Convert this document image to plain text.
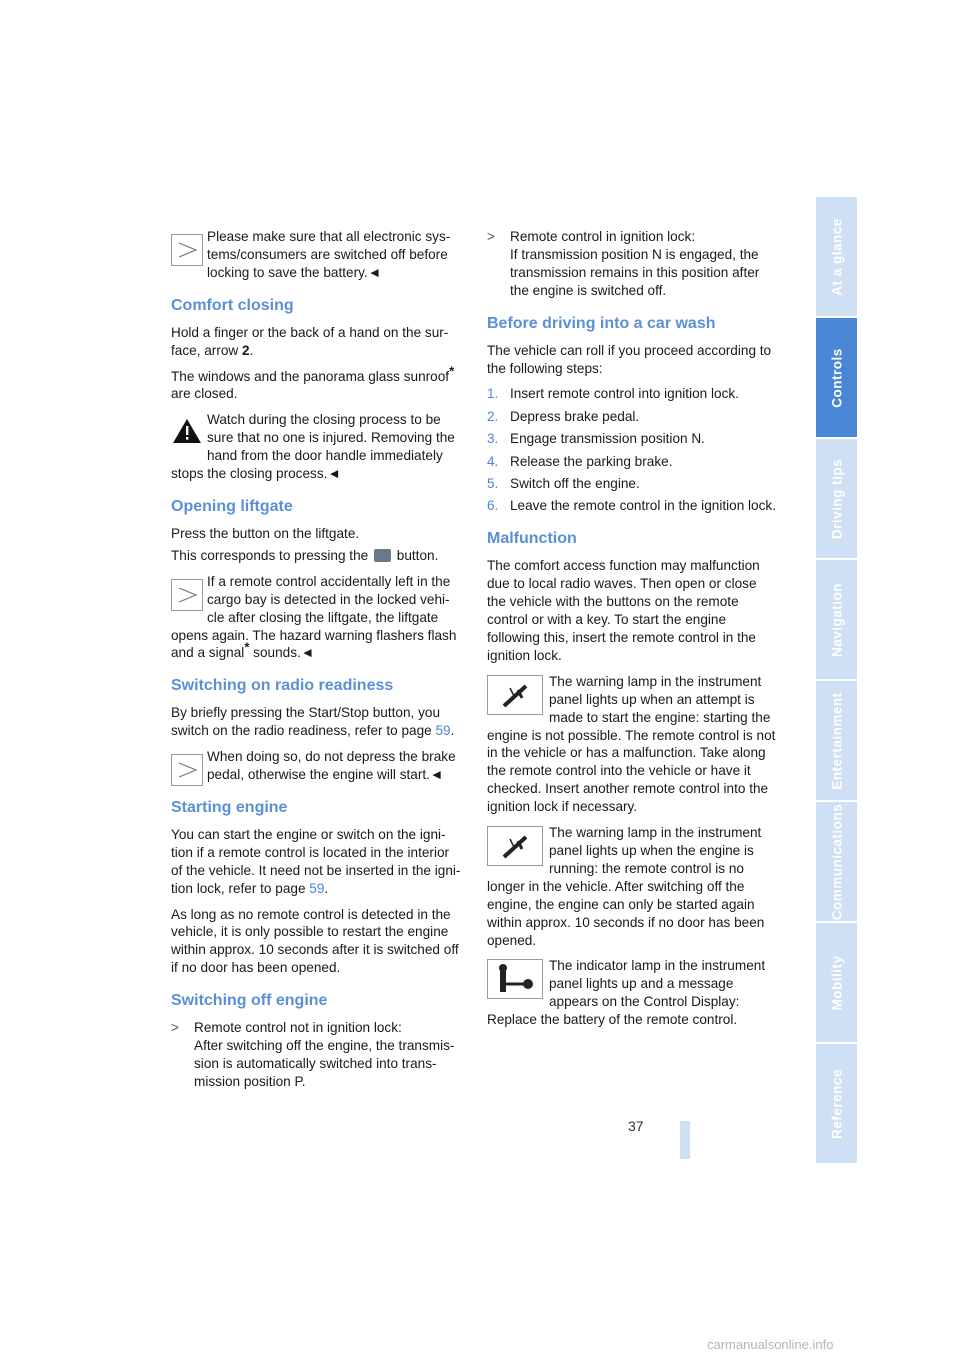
Please make sure that all electronic sys-tems/consumers are switched off before locking to save the battery.◄
Comfort closing

Hold a finger or the back of a hand on the sur-face, arrow 2.

The windows and the panorama glass sunroof* are closed.

Watch during the closing process to be sure that no one is injured. Removing the hand from the door handle immediately stops the closing process.◄
Opening liftgate

Press the button on the liftgate.

This corresponds to pressing the  button.

If a remote control accidentally left in the cargo bay is detected in the locked vehi-cle after closing the liftgate, the liftgate opens again. The hazard warning flashers flash and a signal* sounds.◄
Switching on radio readiness

By briefly pressing the Start/Stop button, you switch on the radio readiness, refer to page 59.

When doing so, do not depress the brake pedal, otherwise the engine will start.◄
Starting engine

You can start the engine or switch on the igni-tion if a remote control is located in the interior of the vehicle. It need not be inserted in the igni-tion lock, refer to page 59.

As long as no remote control is detected in the vehicle, it is only possible to restart the engine within approx. 10 seconds after it is switched off if no door has been opened.

Switching off engine
> Remote control not in ignition lock:
After switching off the engine, the transmis-sion is automatically switched into trans-mission position P.
> Remote control in ignition lock:
If transmission position N is engaged, the transmission remains in this position after the engine is switched off.
Before driving into a car wash

The vehicle can roll if you proceed according to the following steps:

1. Insert remote control into ignition lock.
2. Depress brake pedal.
3. Engage transmission position N.
4. Release the parking brake.
5. Switch off the engine.
6. Leave the remote control in the ignition lock.
Malfunction

The comfort access function may malfunction due to local radio waves. Then open or close the vehicle with the buttons on the remote control or with a key. To start the engine following this, insert the remote control in the ignition lock.

The warning lamp in the instrument panel lights up when an attempt is made to start the engine: starting the engine is not possible. The remote control is not in the vehicle or has a malfunction. Take along the remote control into the vehicle or have it checked. Insert another remote control into the ignition lock if necessary.
The warning lamp in the instrument panel lights up when the engine is running: the remote control is no longer in the vehicle. After switching off the engine, the engine can only be started again within approx. 10 seconds if no door has been opened.
The indicator lamp in the instrument panel lights up and a message appears on the Control Display: Replace the battery of the remote control.
At a glance
Controls
Driving tips
Navigation
Entertainment
Communications
Mobility
Reference
37
carmanualsonline.info
